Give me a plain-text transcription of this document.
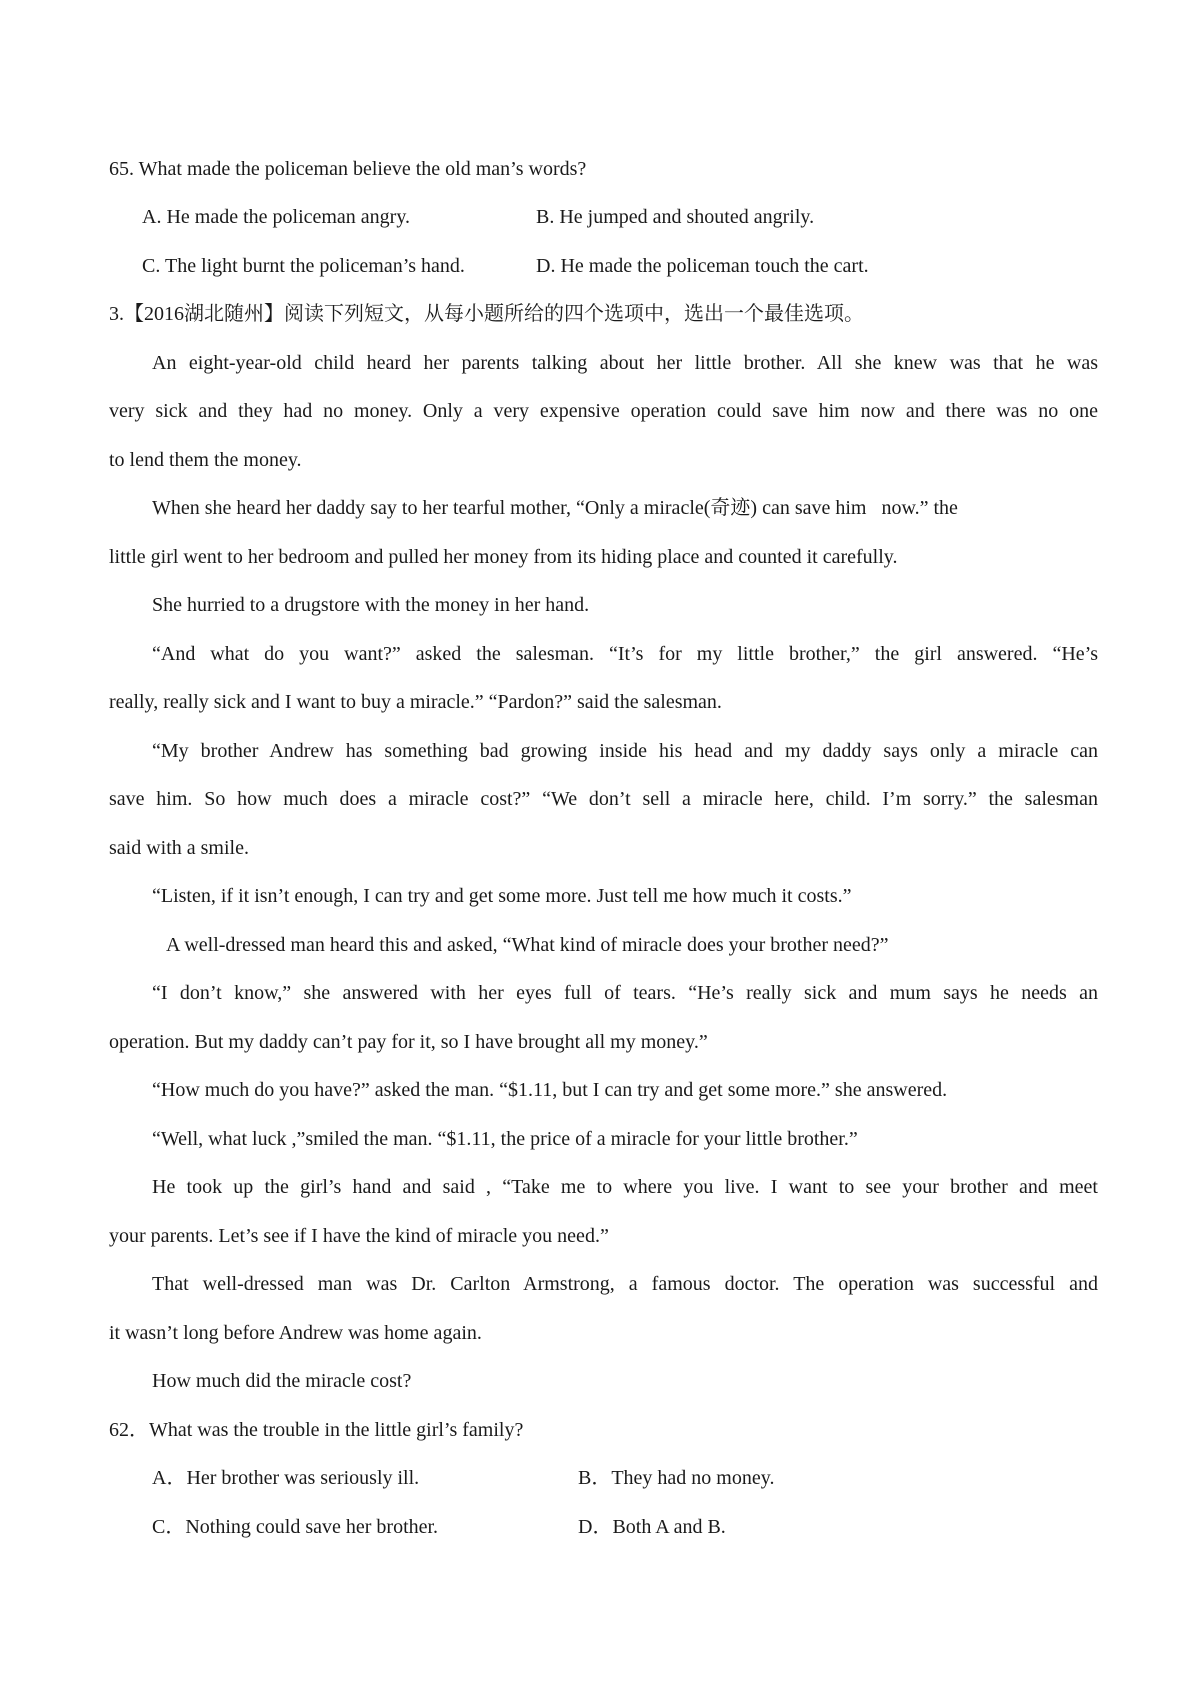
65. What made the policeman believe the old man’s words?
A. He made the policeman angry.	B. He jumped and shouted angrily.
C. The light burnt the policeman’s hand.	D. He made the policeman touch the cart.
3.【2016湖北随州】阅读下列短文，从每小题所给的四个选项中，选出一个最佳选项。
An eight-year-old child heard her parents talking about her little brother. All she knew was that he was
very sick and they had no money. Only a very expensive operation could save him now and there was no one
to lend them the money.
When she heard her daddy say to her tearful mother, “Only a miracle(奇迹) can save him   now.” the
little girl went to her bedroom and pulled her money from its hiding place and counted it carefully.
She hurried to a drugstore with the money in her hand.
“And what do you want?” asked the salesman. “It’s for my little brother,” the girl answered. “He’s
really, really sick and I want to buy a miracle.” “Pardon?” said the salesman.
“My brother Andrew has something bad growing inside his head and my daddy says only a miracle can
save him. So how much does a miracle cost?” “We don’t sell a miracle here, child. I’m sorry.” the salesman
said with a smile.
“Listen, if it isn’t enough, I can try and get some more. Just tell me how much it costs.”
A well-dressed man heard this and asked, “What kind of miracle does your brother need?”
“I don’t know,” she answered with her eyes full of tears. “He’s really sick and mum says he needs an
operation. But my daddy can’t pay for it, so I have brought all my money.”
“How much do you have?” asked the man. “$1.11, but I can try and get some more.” she answered.
“Well, what luck ,”smiled the man. “$1.11, the price of a miracle for your little brother.”
He took up the girl’s hand and said , “Take me to where you live. I want to see your brother and meet
your parents. Let’s see if I have the kind of miracle you need.”
That well-dressed man was Dr. Carlton Armstrong, a famous doctor. The operation was successful and
it wasn’t long before Andrew was home again.
How much did the miracle cost?
62．What was the trouble in the little girl’s family?
A．Her brother was seriously ill.	B．They had no money.
C．Nothing could save her brother.	D．Both A and B.
